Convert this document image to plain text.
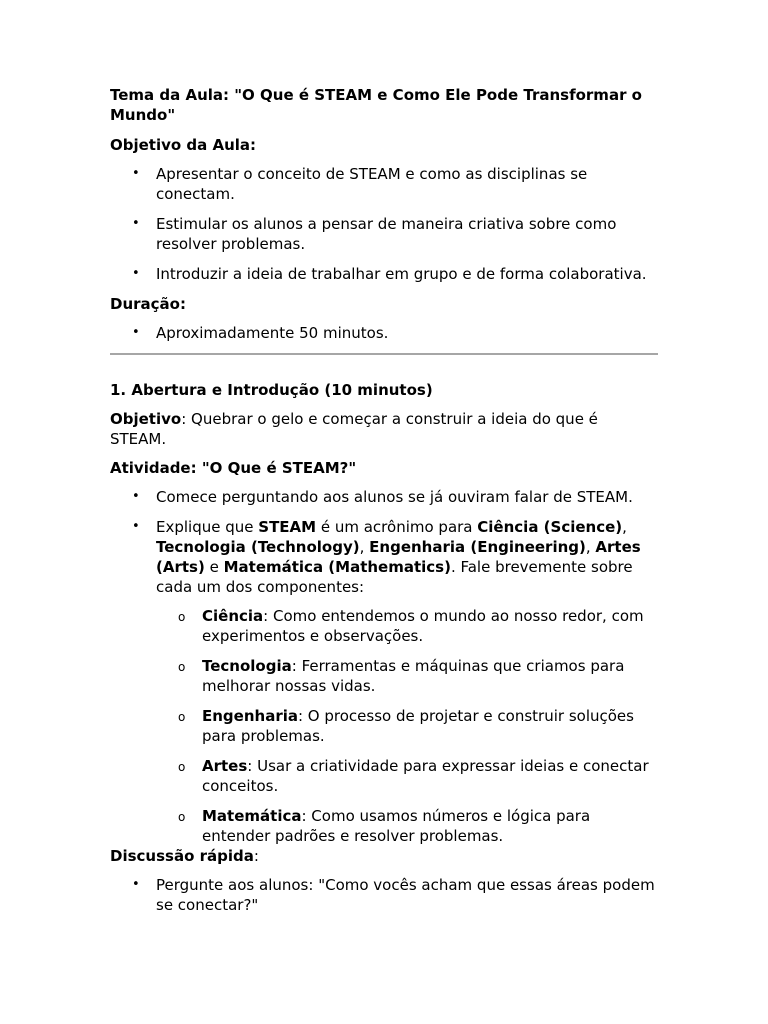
Tema da Aula: "O Que é STEAM e Como Ele Pode Transformar o Mundo"

Objetivo da Aula:

• Apresentar o conceito de STEAM e como as disciplinas se conectam.
• Estimular os alunos a pensar de maneira criativa sobre como resolver problemas.
• Introduzir a ideia de trabalhar em grupo e de forma colaborativa.

Duração:

• Aproximadamente 50 minutos.

1. Abertura e Introdução (10 minutos)

Objetivo: Quebrar o gelo e começar a construir a ideia do que é STEAM.

Atividade: "O Que é STEAM?"

• Comece perguntando aos alunos se já ouviram falar de STEAM.
• Explique que STEAM é um acrônimo para Ciência (Science), Tecnologia (Technology), Engenharia (Engineering), Artes (Arts) e Matemática (Mathematics). Fale brevemente sobre cada um dos componentes:
o Ciência: Como entendemos o mundo ao nosso redor, com experimentos e observações.
o Tecnologia: Ferramentas e máquinas que criamos para melhorar nossas vidas.
o Engenharia: O processo de projetar e construir soluções para problemas.
o Artes: Usar a criatividade para expressar ideias e conectar conceitos.
o Matemática: Como usamos números e lógica para entender padrões e resolver problemas.

Discussão rápida:

• Pergunte aos alunos: "Como vocês acham que essas áreas podem se conectar?"
